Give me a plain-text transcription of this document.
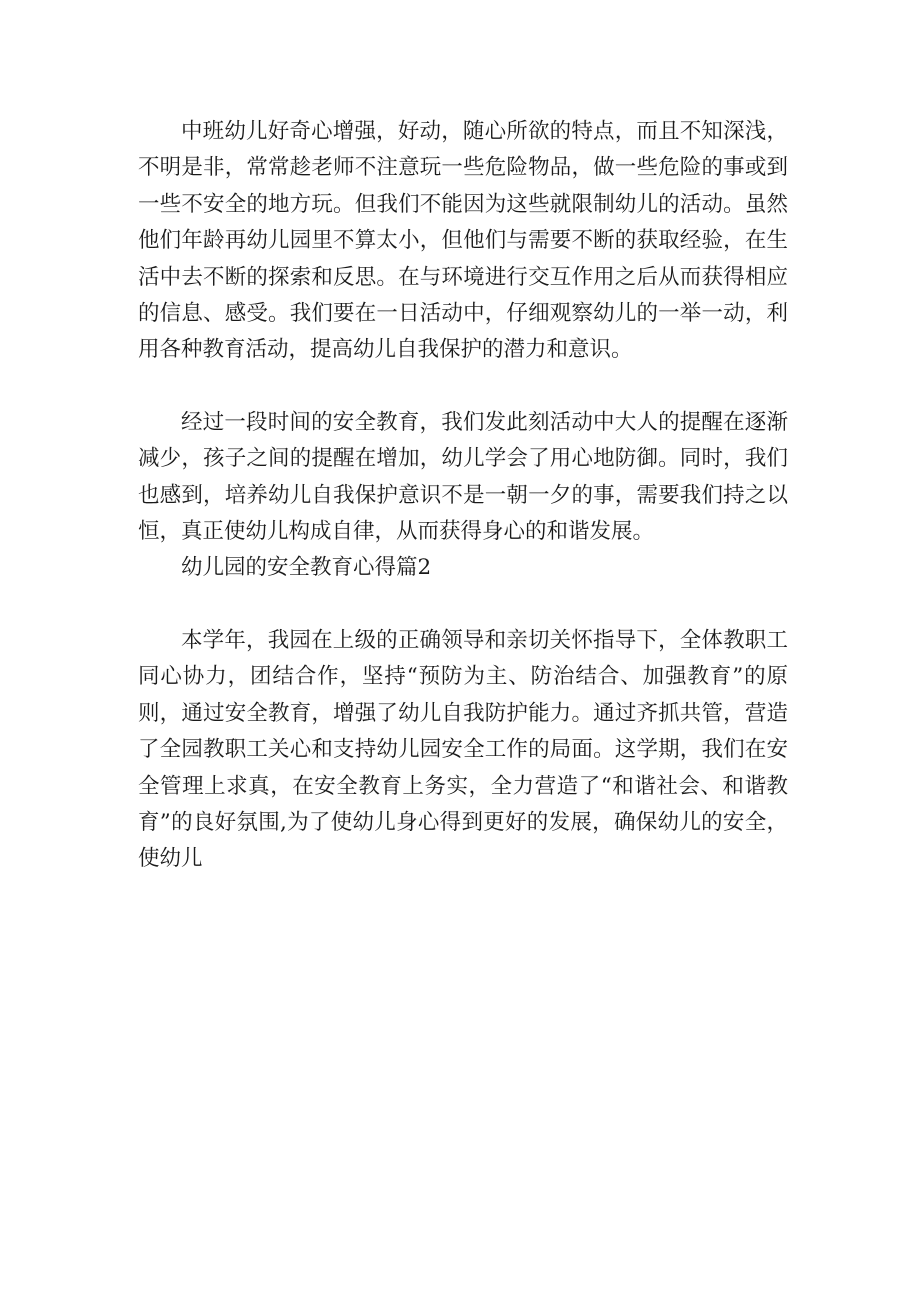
中班幼儿好奇心增强，好动，随心所欲的特点，而且不知深浅，不明是非，常常趁老师不注意玩一些危险物品，做一些危险的事或到一些不安全的地方玩。但我们不能因为这些就限制幼儿的活动。虽然他们年龄再幼儿园里不算太小，但他们与需要不断的获取经验，在生活中去不断的探索和反思。在与环境进行交互作用之后从而获得相应的信息、感受。我们要在一日活动中，仔细观察幼儿的一举一动，利用各种教育活动，提高幼儿自我保护的潜力和意识。

经过一段时间的安全教育，我们发此刻活动中大人的提醒在逐渐减少，孩子之间的提醒在增加，幼儿学会了用心地防御。同时，我们也感到，培养幼儿自我保护意识不是一朝一夕的事，需要我们持之以恒，真正使幼儿构成自律，从而获得身心的和谐发展。

幼儿园的安全教育心得篇2

本学年，我园在上级的正确领导和亲切关怀指导下，全体教职工同心协力，团结合作，坚持“预防为主、防治结合、加强教育”的原则，通过安全教育，增强了幼儿自我防护能力。通过齐抓共管，营造了全园教职工关心和支持幼儿园安全工作的局面。这学期，我们在安全管理上求真，在安全教育上务实，全力营造了“和谐社会、和谐教育”的良好氛围,为了使幼儿身心得到更好的发展，确保幼儿的安全，使幼儿
